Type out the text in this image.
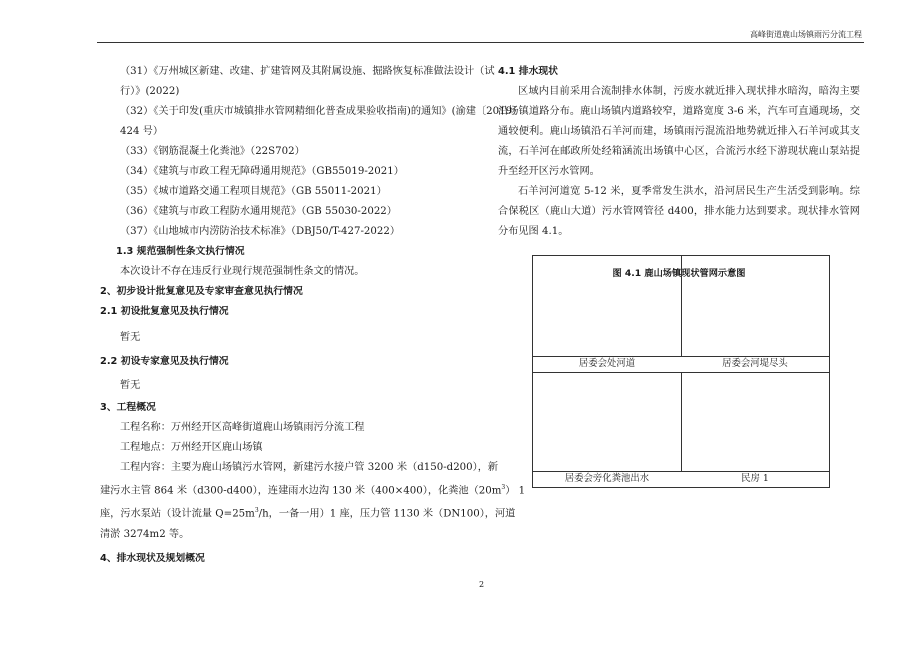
高峰街道鹿山场镇雨污分流工程
（31）《万州城区新建、改建、扩建管网及其附属设施、掘路恢复标准做法设计（试
行）》(2022)
（32）《关于印发(重庆市城镇排水管网精细化普查成果验收指南)的通知》(渝建〔2019〕
424 号）
（33）《钢筋混凝土化粪池》（22S702）
（34）《建筑与市政工程无障碍通用规范》（GB55019-2021）
（35）《城市道路交通工程项目规范》（GB 55011-2021）
（36）《建筑与市政工程防水通用规范》（GB 55030-2022）
（37）《山地城市内涝防治技术标准》（DBJ50/T-427-2022）
1.3 规范强制性条文执行情况
本次设计不存在违反行业现行规范强制性条文的情况。
2、初步设计批复意见及专家审查意见执行情况
2.1 初设批复意见及执行情况
暂无
2.2 初设专家意见及执行情况
暂无
3、工程概况
工程名称：万州经开区高峰街道鹿山场镇雨污分流工程
工程地点：万州经开区鹿山场镇
工程内容：主要为鹿山场镇污水管网，新建污水接户管 3200 米（d150-d200），新
建污水主管 864 米（d300-d400），连建雨水边沟 130 米（400×400），化粪池$(20m^3)$ 1
座，污水泵站（设计流量 $Q=25m^3/h$，一备一用）1 座，压力管 1130 米（DN100），河道
清淤 3274m2 等。
4、排水现状及规划概况
4.1 排水现状
区域内目前采用合流制排水体制，污废水就近排入现状排水暗沟，暗沟主要沿场镇道路分布。鹿山场镇内道路较窄，道路宽度 3-6 米，汽车可直通现场，交通较便利。鹿山场镇沿石羊河而建，场镇雨污混流沿地势就近排入石羊河或其支流，石羊河在邮政所处经箱涵流出场镇中心区，合流污水经下游现状鹿山泵站提升至经开区污水管网。
石羊河河道宽 5-12 米，夏季常发生洪水，沿河居民生产生活受到影响。综合保税区（鹿山大道）污水管网管径 d400，排水能力达到要求。现状排水管网分布见图 4.1。
图 4.1 鹿山场镇现状管网示意图
居委会处河道	居委会河堤尽头
居委会旁化粪池出水	民房 1
2
